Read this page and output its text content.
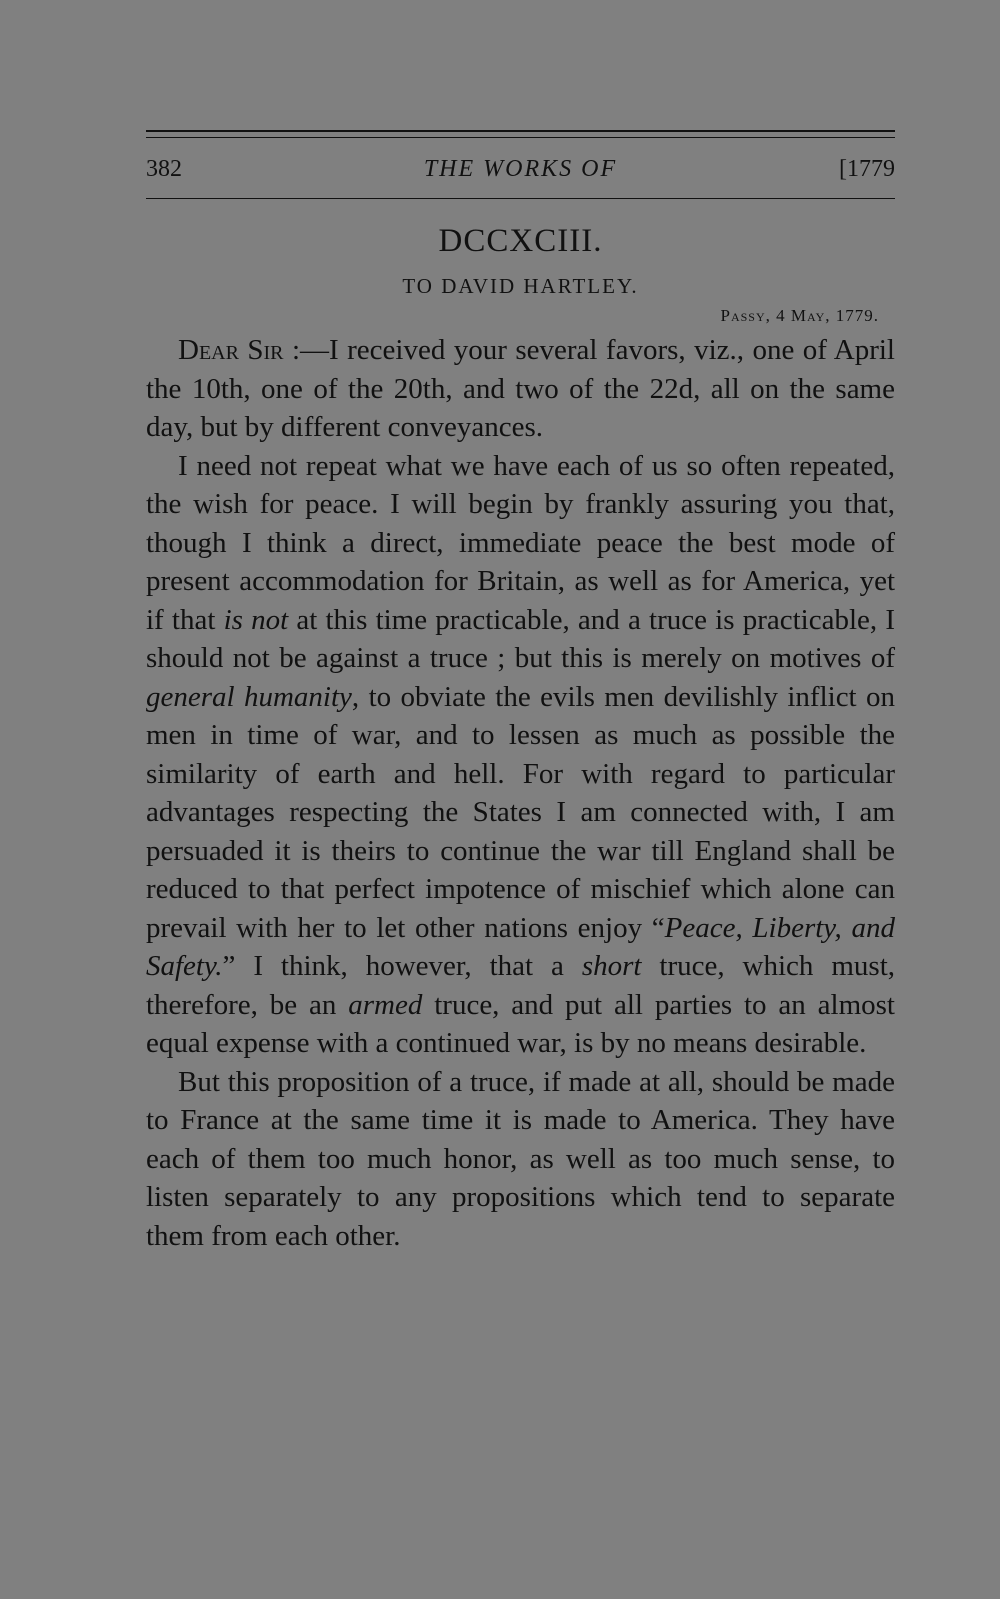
382	THE WORKS OF	[1779
DCCXCIII.
TO DAVID HARTLEY.
Passy, 4 May, 1779.

Dear Sir :—I received your several favors, viz., one of April the 10th, one of the 20th, and two of the 22d, all on the same day, but by different conveyances.

I need not repeat what we have each of us so often repeated, the wish for peace. I will begin by frankly assuring you that, though I think a direct, immediate peace the best mode of present accommodation for Britain, as well as for America, yet if that is not at this time practicable, and a truce is practicable, I should not be against a truce ; but this is merely on motives of general humanity, to obviate the evils men devilishly inflict on men in time of war, and to lessen as much as possible the similarity of earth and hell. For with regard to particular advantages respecting the States I am connected with, I am persuaded it is theirs to continue the war till England shall be reduced to that perfect impotence of mischief which alone can prevail with her to let other nations enjoy “Peace, Liberty, and Safety.” I think, however, that a short truce, which must, therefore, be an armed truce, and put all parties to an almost equal expense with a continued war, is by no means desirable.

But this proposition of a truce, if made at all, should be made to France at the same time it is made to America. They have each of them too much honor, as well as too much sense, to listen separately to any propositions which tend to separate them from each other.
